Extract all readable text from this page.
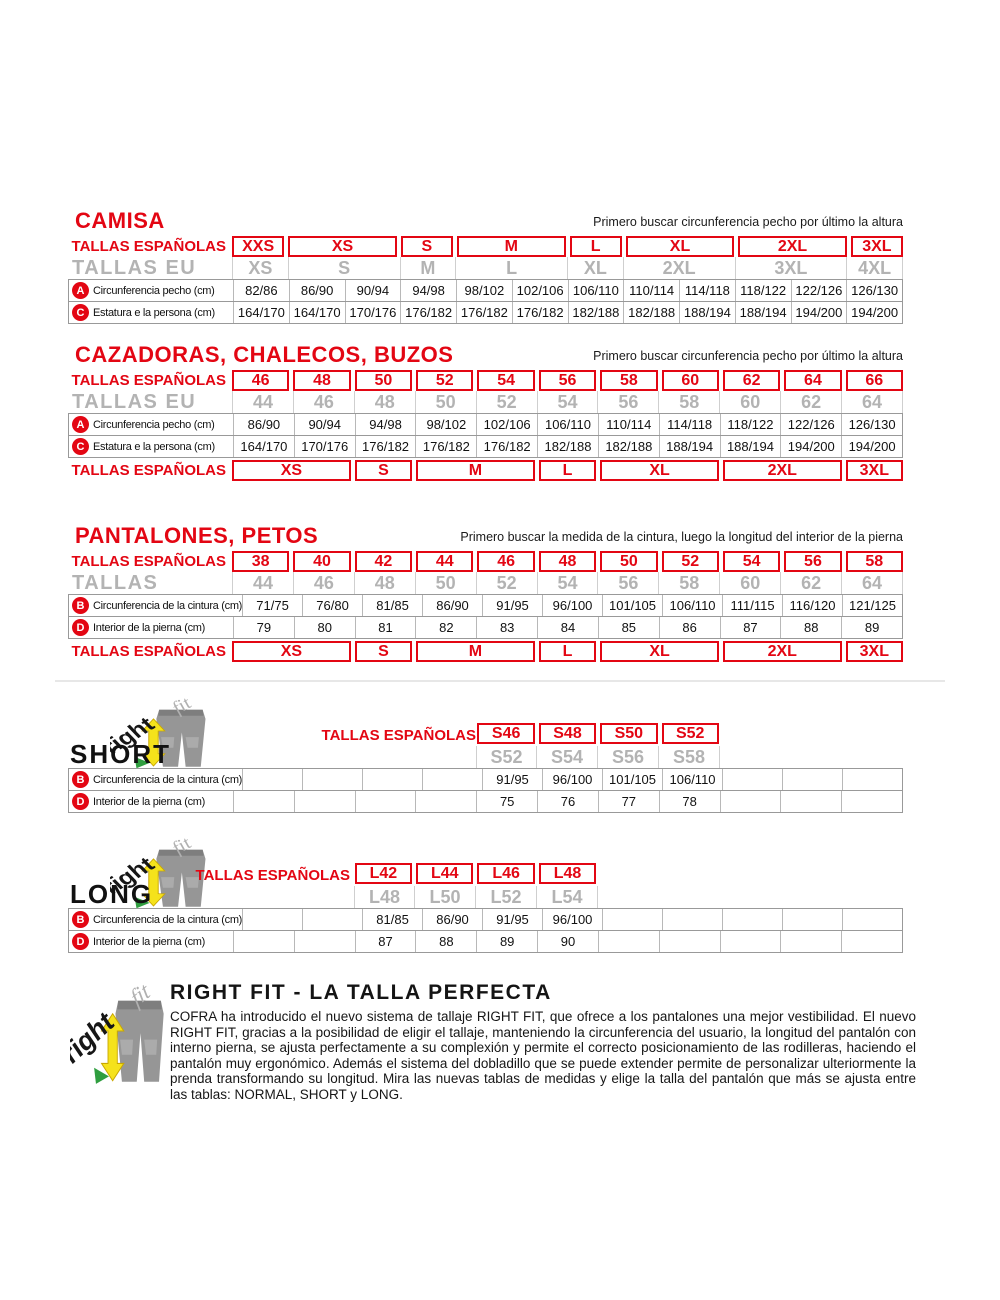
CAMISA	Primero buscar circunferencia pecho por último la altura
TALLAS ESPAÑOLAS	XXS	XS	S	M	L	XL	2XL	3XL
TALLAS EU	XS	S	M	L	XL	2XL	3XL	4XL
A Circunferencia pecho (cm)	82/86	86/90	90/94	94/98	98/102 102/106 106/110 110/114 114/118 118/122 122/126 126/130
C Estatura e la persona (cm)	164/170 164/170 170/176 176/182 176/182 176/182 182/188 182/188 188/194 188/194 194/200 194/200
CAZADORAS, CHALECOS, BUZOS	Primero buscar circunferencia pecho por último la altura
TALLAS ESPAÑOLAS	46	48	50	52	54	56	58	60	62	64	66
TALLAS EU	44	46	48	50	52	54	56	58	60	62	64
A Circunferencia pecho (cm)	86/90	90/94	94/98	98/102	102/106	106/110	110/114	114/118	118/122	122/126	126/130
C Estatura e la persona (cm)	164/170	170/176	176/182	176/182	176/182	182/188	182/188	188/194	188/194	194/200	194/200
TALLAS ESPAÑOLAS	XS	S	M	L	XL	2XL	3XL
PANTALONES, PETOS	Primero buscar la medida de la cintura, luego la longitud del interior de la pierna
TALLAS ESPAÑOLAS	38	40	42	44	46	48	50	52	54	56	58
TALLAS	44	46	48	50	52	54	56	58	60	62	64
B Circunferencia de la cintura (cm)	71/75	76/80	81/85	86/90	91/95	96/100	101/105	106/110	111/115	116/120	121/125
D Interior de la pierna (cm)	79	80	81	82	83	84	85	86	87	88	89
TALLAS ESPAÑOLAS	XS	S	M	L	XL	2XL	3XL
SHORT
TALLAS ESPAÑOLAS S46	S48	S50	S52
S52	S54	S56	S58
B Circunferencia de la cintura (cm)	91/95	96/100	101/105	106/110
D Interior de la pierna (cm)	75	76	77	78
LONG
TALLAS ESPAÑOLAS	L42	L44	L46	L48
L48	L50	L52	L54
B Circunferencia de la cintura (cm)	81/85	86/90	91/95	96/100
D Interior de la pierna (cm)	87	88	89	90
RIGHT FIT - LA TALLA PERFECTA
COFRA ha introducido el nuevo sistema de tallaje RIGHT FIT, que ofrece a los pantalones una mejor vestibilidad. El nuevo RIGHT FIT, gracias a la posibilidad de eligir el tallaje, manteniendo la circunferencia del usuario, la longitud del pantalón con interno pierna, se ajusta perfectamente a su complexión y permite el correcto posicionamiento de las rodilleras, haciendo el pantalón muy ergonómico. Además el sistema del dobladillo que se puede extender permite de personalizar ulteriormente la prenda transformando su longitud. Mira las nuevas tablas de medidas y elige la talla del pantalón que más se ajusta entre las tablas: NORMAL, SHORT y LONG.
